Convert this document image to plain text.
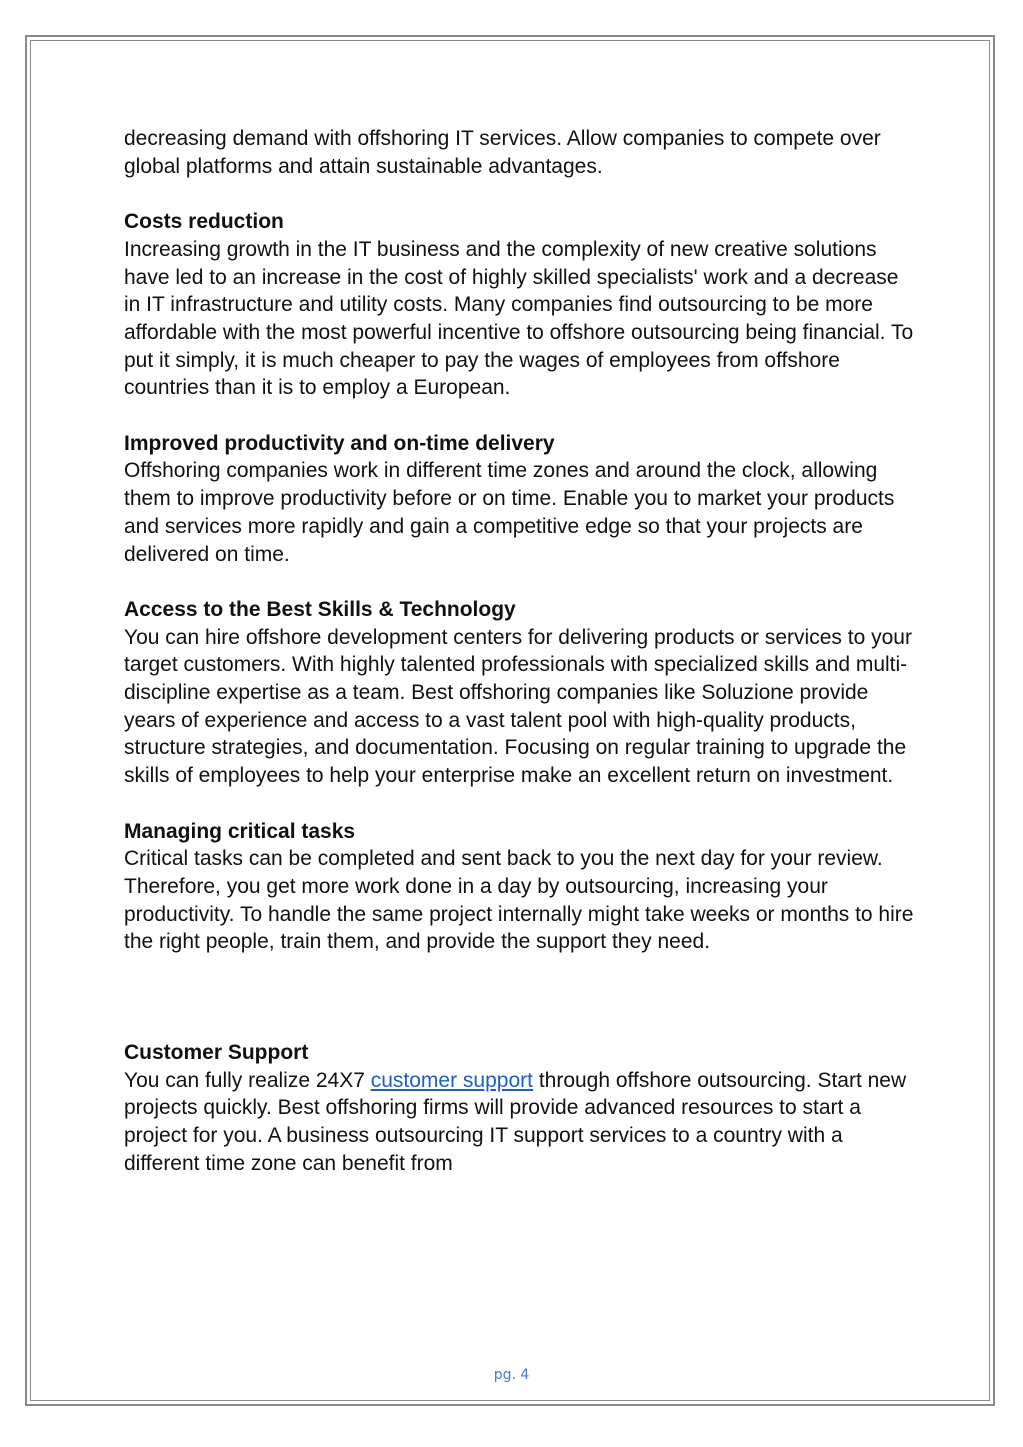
decreasing demand with offshoring IT services. Allow companies to compete over global platforms and attain sustainable advantages.

Costs reduction

Increasing growth in the IT business and the complexity of new creative solutions have led to an increase in the cost of highly skilled specialists' work and a decrease in IT infrastructure and utility costs. Many companies find outsourcing to be more affordable with the most powerful incentive to offshore outsourcing being financial. To put it simply, it is much cheaper to pay the wages of employees from offshore countries than it is to employ a European.

Improved productivity and on-time delivery

Offshoring companies work in different time zones and around the clock, allowing them to improve productivity before or on time. Enable you to market your products and services more rapidly and gain a competitive edge so that your projects are delivered on time.

Access to the Best Skills & Technology

You can hire offshore development centers for delivering products or services to your target customers. With highly talented professionals with specialized skills and multi-discipline expertise as a team. Best offshoring companies like Soluzione provide years of experience and access to a vast talent pool with high-quality products, structure strategies, and documentation. Focusing on regular training to upgrade the skills of employees to help your enterprise make an excellent return on investment.

Managing critical tasks

Critical tasks can be completed and sent back to you the next day for your review. Therefore, you get more work done in a day by outsourcing, increasing your productivity. To handle the same project internally might take weeks or months to hire the right people, train them, and provide the support they need.

Customer Support

You can fully realize 24X7 customer support through offshore outsourcing. Start new projects quickly. Best offshoring firms will provide advanced resources to start a project for you. A business outsourcing IT support services to a country with a different time zone can benefit from

pg. 4
